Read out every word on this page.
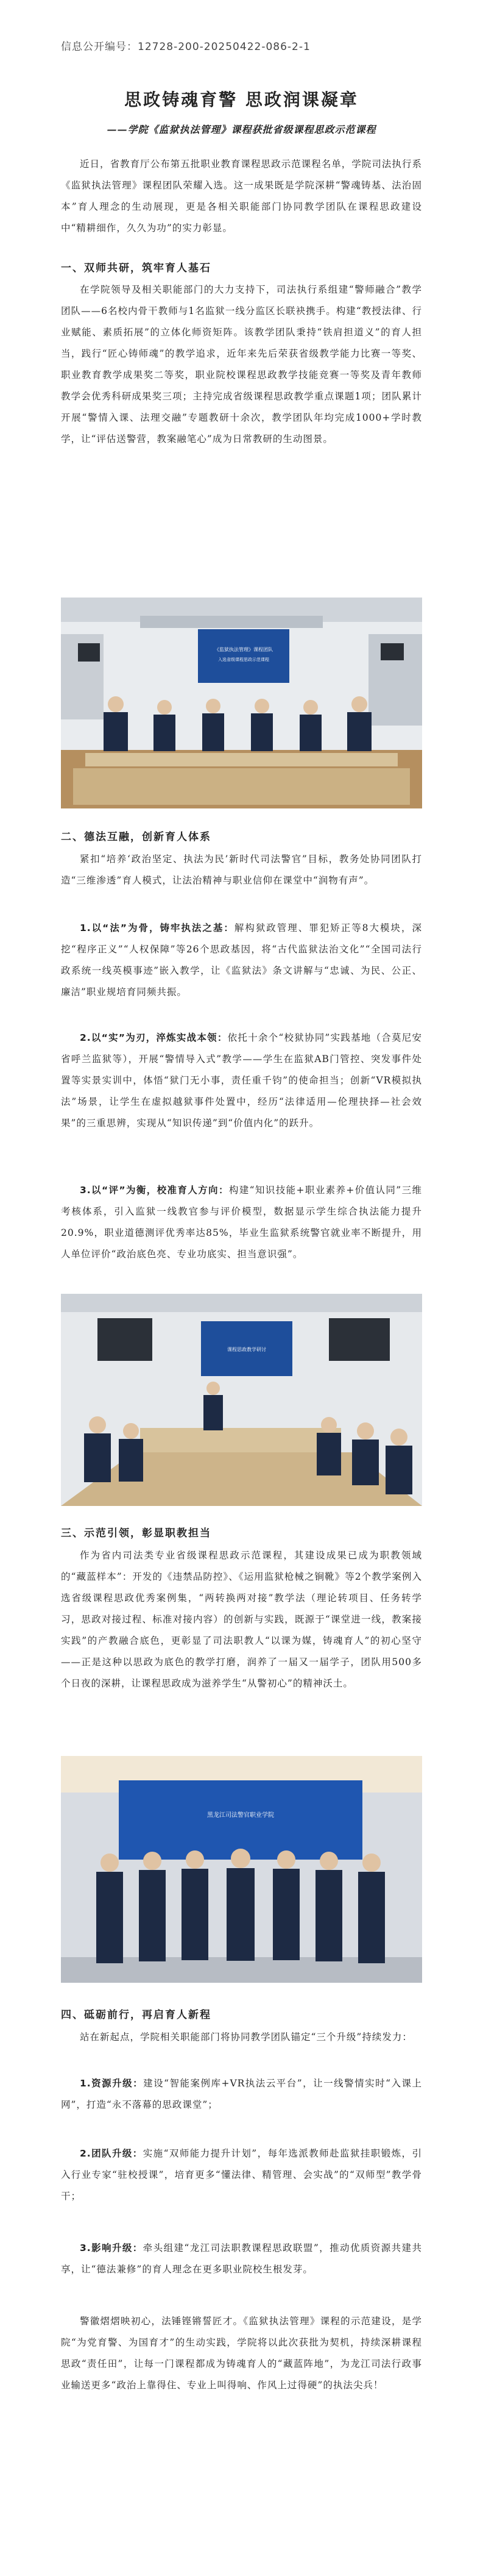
信息公开编号：12728-200-20250422-086-2-1
思政铸魂育警 思政润课凝章
——学院《监狱执法管理》课程获批省级课程思政示范课程

近日，省教育厅公布第五批职业教育课程思政示范课程名单，学院司法执行系《监狱执法管理》课程团队荣耀入选。这一成果既是学院深耕“警魂铸基、法治固本”育人理念的生动展现，更是各相关职能部门协同教学团队在课程思政建设中“精耕细作，久久为功”的实力彰显。

一、双师共研，筑牢育人基石

在学院领导及相关职能部门的大力支持下，司法执行系组建“警师融合”教学团队——6名校内骨干教师与1名监狱一线分监区长联袂携手。构建“教授法律、行业赋能、素质拓展”的立体化师资矩阵。该教学团队秉持“铁肩担道义”的育人担当，践行“匠心铸师魂”的教学追求，近年来先后荣获省级教学能力比赛一等奖、职业教育教学成果奖二等奖，职业院校课程思政教学技能竞赛一等奖及青年教师教学会优秀科研成果奖三项；主持完成省级课程思政教学重点课题1项；团队累计开展“警情入课、法理交融”专题教研十余次，教学团队年均完成1000+学时教学，让“评估送警营，教案融笔心”成为日常教研的生动图景。

《监狱执法管理》课程团队
入选省级课程思政示范课程
二、德法互融，创新育人体系

紧扣“培养‘政治坚定、执法为民’新时代司法警官”目标，教务处协同团队打造“三维渗透”育人模式，让法治精神与职业信仰在课堂中“润物有声”。

1.以“法”为骨，铸牢执法之基：解构狱政管理、罪犯矫正等8大模块，深挖“程序正义”“人权保障”等26个思政基因，将“古代监狱法治文化”“全国司法行政系统一线英模事迹”嵌入教学，让《监狱法》条文讲解与“忠诚、为民、公正、廉洁”职业规培育同频共振。

2.以“实”为刃，淬炼实战本领：依托十余个“校狱协同”实践基地（合莫尼安省呼兰监狱等），开展“警情导入式”教学——学生在监狱AB门管控、突发事件处置等实景实训中，体悟“狱门无小事，责任重千钧”的使命担当；创新“VR模拟执法”场景，让学生在虚拟越狱事件处置中，经历“法律适用—伦理抉择—社会效果”的三重思辨，实现从“知识传递”到“价值内化”的跃升。

3.以“评”为衡，校准育人方向：构建“知识技能+职业素养+价值认同”三维考核体系，引入监狱一线教官参与评价模型，数据显示学生综合执法能力提升20.9%，职业道德测评优秀率达85%，毕业生监狱系统警官就业率不断提升，用人单位评价“政治底色亮、专业功底实、担当意识强”。

课程思政教学研讨
三、示范引领，彰显职教担当

作为省内司法类专业省级课程思政示范课程，其建设成果已成为职教领域的“藏蓝样本”：开发的《违禁品防控》、《运用监狱枪械之锏靴》等2个教学案例入选省级课程思政优秀案例集，“两转换两对接”教学法（理论转项目、任务转学习，思政对接过程、标准对接内容）的创新与实践，既源于“课堂进一线，教案接实践”的产教融合底色，更彰显了司法职教人“以课为媒，铸魂育人”的初心坚守——正是这种以思政为底色的教学打磨，润养了一届又一届学子，团队用500多个日夜的深耕，让课程思政成为滋养学生“从警初心”的精神沃土。

黑龙江司法警官职业学院
四、砥砺前行，再启育人新程

站在新起点，学院相关职能部门将协同教学团队锚定“三个升级”持续发力：

1.资源升级：建设“智能案例库+VR执法云平台”，让一线警情实时“入课上网”，打造“永不落幕的思政课堂”；

2.团队升级：实施“双师能力提升计划”，每年选派教师赴监狱挂职锻炼，引入行业专家“驻校授课”，培育更多“懂法律、精管理、会实战”的“双师型”教学骨干；

3.影响升级：牵头组建“龙江司法职教课程思政联盟”，推动优质资源共建共享，让“德法兼修”的育人理念在更多职业院校生根发芽。

警徽熠熠映初心，法锤铿锵誓匠才。《监狱执法管理》课程的示范建设，是学院“为党育警、为国育才”的生动实践，学院将以此次获批为契机，持续深耕课程思政“责任田”，让每一门课程都成为铸魂育人的“藏蓝阵地”，为龙江司法行政事业输送更多“政治上靠得住、专业上叫得响、作风上过得硬”的执法尖兵！
